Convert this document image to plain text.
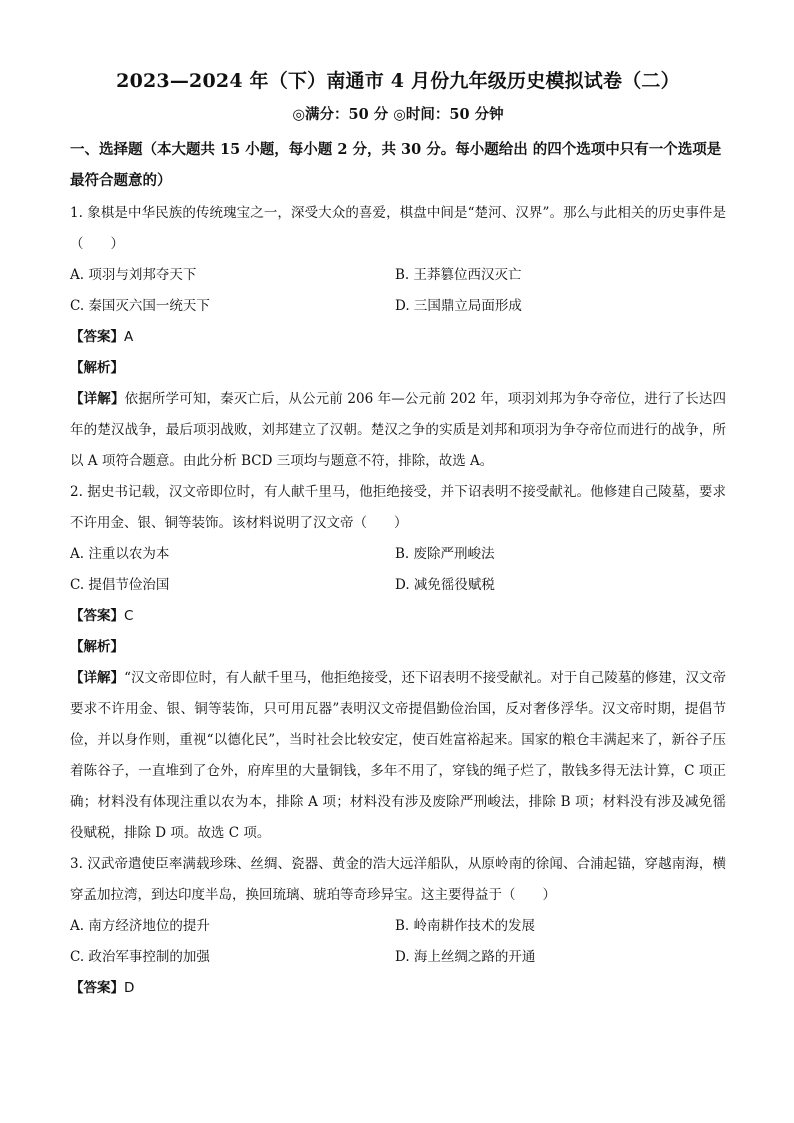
2023—2024 年（下）南通市 4 月份九年级历史模拟试卷（二）
◎满分：50 分 ◎时间：50 分钟
一、选择题（本大题共 15 小题，每小题 2 分，共 30 分。每小题给出 的四个选项中只有一个选项是最符合题意的）
1. 象棋是中华民族的传统瑰宝之一，深受大众的喜爱，棋盘中间是“楚河、汉界”。那么与此相关的历史事件是（　　）
A. 项羽与刘邦夺天下	B. 王莽篡位西汉灭亡
C. 秦国灭六国一统天下	D. 三国鼎立局面形成
【答案】A
【解析】
【详解】依据所学可知，秦灭亡后，从公元前 206 年—公元前 202 年，项羽刘邦为争夺帝位，进行了长达四年的楚汉战争，最后项羽战败，刘邦建立了汉朝。楚汉之争的实质是刘邦和项羽为争夺帝位而进行的战争，所以 A 项符合题意。由此分析 BCD 三项均与题意不符，排除，故选 A。
2. 据史书记载，汉文帝即位时，有人献千里马，他拒绝接受，并下诏表明不接受献礼。他修建自己陵墓，要求不许用金、银、铜等装饰。该材料说明了汉文帝（　　）
A. 注重以农为本	B. 废除严刑峻法
C. 提倡节俭治国	D. 减免徭役赋税
【答案】C
【解析】
【详解】“汉文帝即位时，有人献千里马，他拒绝接受，还下诏表明不接受献礼。对于自己陵墓的修建，汉文帝要求不许用金、银、铜等装饰，只可用瓦器”表明汉文帝提倡勤俭治国，反对奢侈浮华。汉文帝时期，提倡节俭，并以身作则，重视“以德化民”，当时社会比较安定，使百姓富裕起来。国家的粮仓丰满起来了，新谷子压着陈谷子，一直堆到了仓外，府库里的大量铜钱，多年不用了，穿钱的绳子烂了，散钱多得无法计算，C 项正确；材料没有体现注重以农为本，排除 A 项；材料没有涉及废除严刑峻法，排除 B 项；材料没有涉及减免徭役赋税，排除 D 项。故选 C 项。
3. 汉武帝遣使臣率满载珍珠、丝绸、瓷器、黄金的浩大远洋船队，从原岭南的徐闻、合浦起锚，穿越南海，横穿孟加拉湾，到达印度半岛，换回琉璃、琥珀等奇珍异宝。这主要得益于（　　）
A. 南方经济地位的提升	B. 岭南耕作技术的发展
C. 政治军事控制的加强	D. 海上丝绸之路的开通
【答案】D
